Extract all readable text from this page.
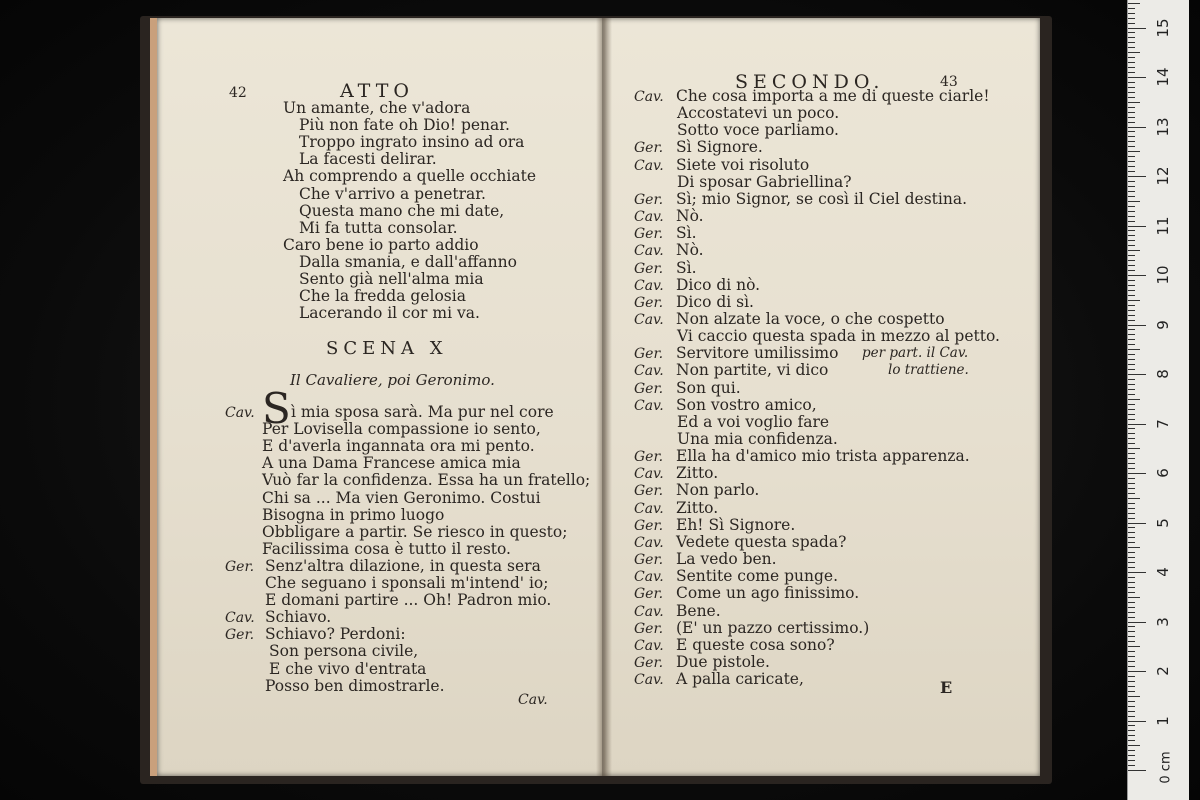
42	ATTO
SCENA X
Il Cavaliere, poi Geronimo.
S
Cav.
Un amante, che v'adora
Più non fate oh Dio! penar.
Troppo ingrato insino ad ora
La facesti delirar.
Ah comprendo a quelle occhiate
Che v'arrivo a penetrar.
Questa mano che mi date,
Mi fa tutta consolar.
Caro bene io parto addio
Dalla smania, e dall'affanno
Sento già nell'alma mia
Che la fredda gelosia
Lacerando il cor mi va.
Cav. ì mia sposa sarà. Ma pur nel core
Per Lovisella compassione io sento,
E d'averla ingannata ora mi pento.
A una Dama Francese amica mia
Vuò far la confidenza. Essa ha un fratello;
Chi sa ... Ma vien Geronimo. Costui
Bisogna in primo luogo
Obbligare a partir. Se riesco in questo;
Facilissima cosa è tutto il resto.
Ger. Senz'altra dilazione, in questa sera
Che seguano i sponsali m'intend' io;
E domani partire ... Oh! Padron mio.
Cav. Schiavo.
Ger. Schiavo? Perdoni:
Son persona civile,
E che vivo d'entrata
Posso ben dimostrarle.
SECONDO.	43
E
Cav. Che cosa importa a me di queste ciarle!
Accostatevi un poco.
Sotto voce parliamo.
Ger. Sì Signore.
Cav. Siete voi risoluto
Di sposar Gabriellina?
Ger. Sì; mio Signor, se così il Ciel destina.
Cav. Nò.
Ger. Sì.
Cav. Nò.
Ger. Sì.
Cav. Dico di nò.
Ger. Dico di sì.
Cav. Non alzate la voce, o che cospetto
Vi caccio questa spada in mezzo al petto.
Ger. Servitore umilissimo per part. il Cav.
Cav. Non partite, vi dico	lo trattiene.
Ger. Son qui.
Cav. Son vostro amico,
Ed a voi voglio fare
Una mia confidenza.
Ger. Ella ha d'amico mio trista apparenza.
Cav. Zitto.
Ger. Non parlo.
Cav. Zitto.
Ger. Eh! Sì Signore.
Cav. Vedete questa spada?
Ger. La vedo ben.
Cav. Sentite come punge.
Ger. Come un ago finissimo.
Cav. Bene.
Ger. (E' un pazzo certissimo.)
Cav. E queste cosa sono?
Ger. Due pistole.
Cav. A palla caricate,
0 cm
1
2
3
4
5
6
7
8
9
10
11
12
13
14
15
